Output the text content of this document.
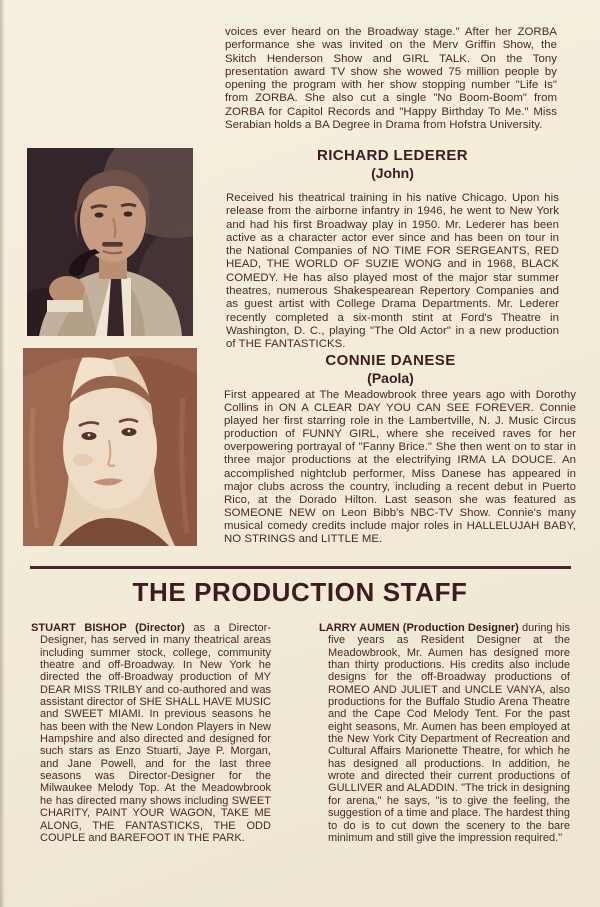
voices ever heard on the Broadway stage." After her ZORBA performance she was invited on the Merv Griffin Show, the Skitch Henderson Show and GIRL TALK. On the Tony presentation award TV show she wowed 75 million people by opening the program with her show stopping number "Life Is" from ZORBA. She also cut a single "No Boom-Boom" from ZORBA for Capitol Records and "Happy Birthday To Me." Miss Serabian holds a BA Degree in Drama from Hofstra University.

RICHARD LEDERER
(John)

Received his theatrical training in his native Chicago. Upon his release from the airborne infantry in 1946, he went to New York and had his first Broadway play in 1950. Mr. Lederer has been active as a character actor ever since and has been on tour in the National Companies of NO TIME FOR SERGEANTS, RED HEAD, THE WORLD OF SUZIE WONG and in 1968, BLACK COMEDY. He has also played most of the major star summer theatres, numerous Shakespearean Repertory Companies and as guest artist with College Drama Departments. Mr. Lederer recently completed a six-month stint at Ford's Theatre in Washington, D. C., playing "The Old Actor" in a new production of THE FANTASTICKS.

CONNIE DANESE
(Paola)

First appeared at The Meadowbrook three years ago with Dorothy Collins in ON A CLEAR DAY YOU CAN SEE FOREVER. Connie played her first starring role in the Lambertville, N. J. Music Circus production of FUNNY GIRL, where she received raves for her overpowering portrayal of "Fanny Brice." She then went on to star in three major productions at the electrifying IRMA LA DOUCE. An accomplished nightclub performer, Miss Danese has appeared in major clubs across the country, including a recent debut in Puerto Rico, at the Dorado Hilton. Last season she was featured as SOMEONE NEW on Leon Bibb's NBC-TV Show. Connie's many musical comedy credits include major roles in HALLELUJAH BABY, NO STRINGS and LITTLE ME.

THE PRODUCTION STAFF

STUART BISHOP (Director) as a Director-Designer, has served in many theatrical areas including summer stock, college, community theatre and off-Broadway. In New York he directed the off-Broadway production of MY DEAR MISS TRILBY and co-authored and was assistant director of SHE SHALL HAVE MUSIC and SWEET MIAMI. In previous seasons he has been with the New London Players in New Hampshire and also directed and designed for such stars as Enzo Stuarti, Jaye P. Morgan, and Jane Powell, and for the last three seasons was Director-Designer for the Milwaukee Melody Top. At the Meadowbrook he has directed many shows including SWEET CHARITY, PAINT YOUR WAGON, TAKE ME ALONG, THE FANTASTICKS, THE ODD COUPLE and BAREFOOT IN THE PARK.

LARRY AUMEN (Production Designer) during his five years as Resident Designer at the Meadowbrook, Mr. Aumen has designed more than thirty productions. His credits also include designs for the off-Broadway productions of ROMEO AND JULIET and UNCLE VANYA, also productions for the Buffalo Studio Arena Theatre and the Cape Cod Melody Tent. For the past eight seasons, Mr. Aumen has been employed at the New York City Department of Recreation and Cultural Affairs Marionette Theatre, for which he has designed all productions. In addition, he wrote and directed their current productions of GULLIVER and ALADDIN. "The trick in designing for arena," he says, "is to give the feeling, the suggestion of a time and place. The hardest thing to do is to cut down the scenery to the bare minimum and still give the impression required."
